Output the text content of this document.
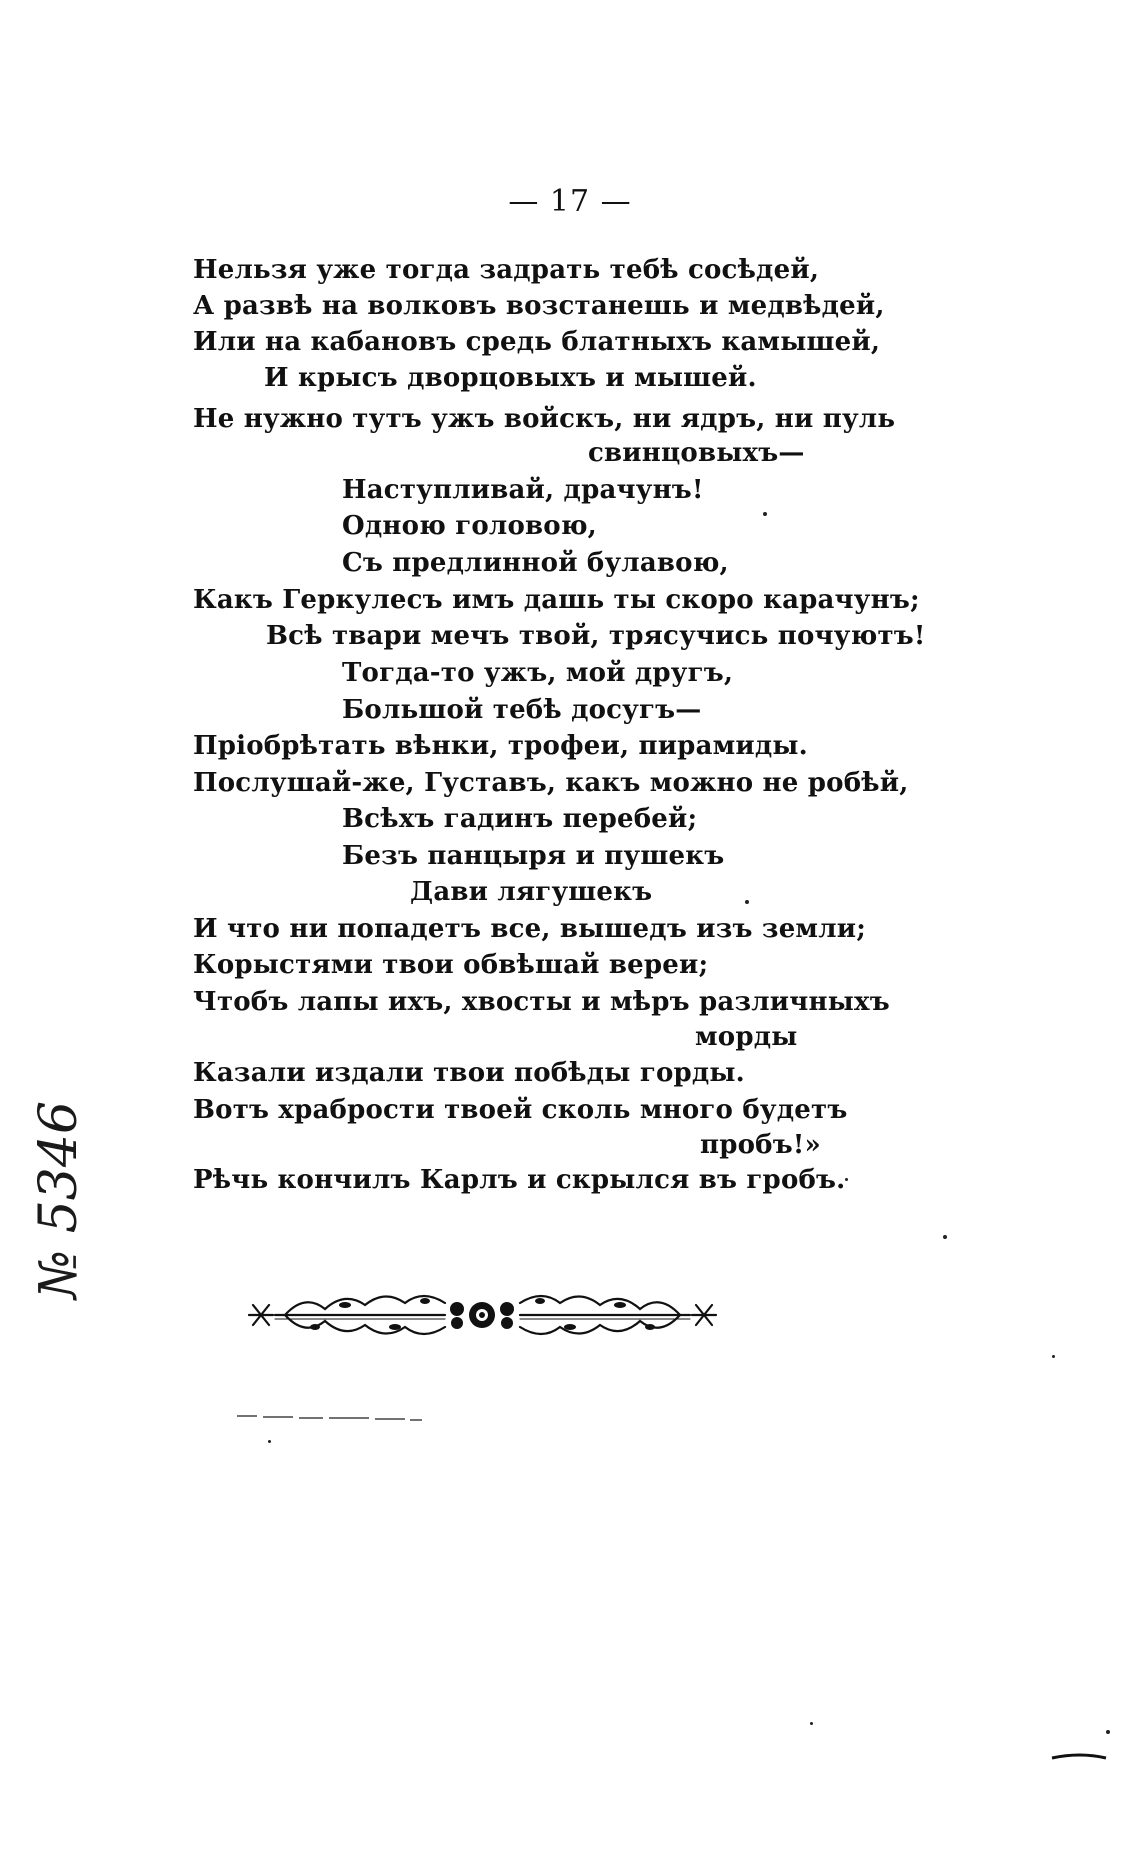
— 17 —
Нельзя уже тогда задрать тебѣ сосѣдей,
А развѣ на волковъ возстанешь и медвѣдей,
Или на кабановъ средь блатныхъ камышей,
И крысъ дворцовыхъ и мышей.
Не нужно тутъ ужъ войскъ, ни ядръ, ни пуль
свинцовыхъ—
Наступливай, драчунъ!
Одною головою,
Съ предлинной булавою,
Какъ Геркулесъ имъ дашь ты скоро карачунъ;
Всѣ твари мечъ твой, трясучись почуютъ!
Тогда-то ужъ, мой другъ,
Большой тебѣ досугъ—
Пріобрѣтать вѣнки, трофеи, пирамиды.
Послушай-же, Густавъ, какъ можно не робѣй,
Всѣхъ гадинъ перебей;
Безъ панцыря и пушекъ
Дави лягушекъ
И что ни попадетъ все, вышедъ изъ земли;
Корыстями твои обвѣшай вереи;
Чтобъ лапы ихъ, хвосты и мѣръ различныхъ
морды
Казали издали твои побѣды горды.
Вотъ храбрости твоей сколь много будетъ
пробъ!»
Рѣчь кончилъ Карлъ и скрылся въ гробъ.
№ 5346
